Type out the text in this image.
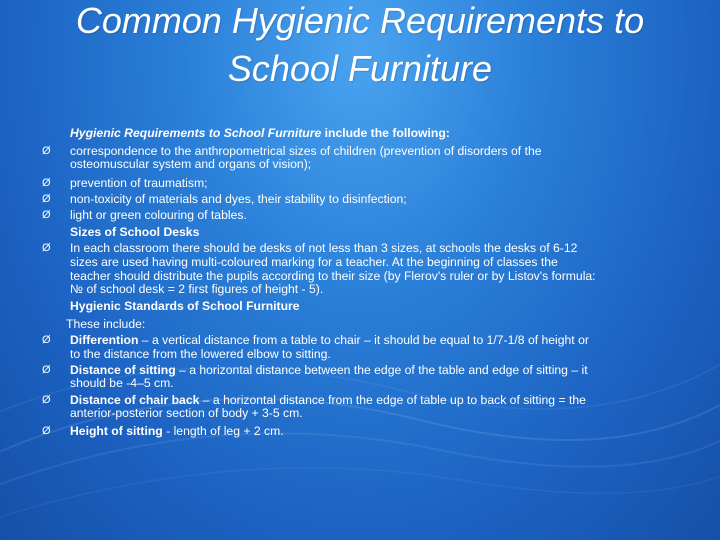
Common Hygienic Requirements to
School Furniture
Hygienic Requirements to School Furniture include the following:
Ø correspondence to the anthropometrical sizes of children (prevention of disorders of the
osteomuscular system and organs of vision);
Ø prevention of traumatism;
Ø non-toxicity of materials and dyes, their stability to disinfection;
Ø light or green colouring of tables.
Sizes of School Desks
Ø In each classroom there should be desks of not less than 3 sizes, at schools the desks of 6-12
sizes are used having multi-coloured marking for a teacher. At the beginning of classes the
teacher should distribute the pupils according to their size (by Flerov's ruler or by Listov's formula:
№ of school desk = 2 first figures of height - 5).
Hygienic Standards of School Furniture
These include:
Ø Differention – a vertical distance from a table to chair – it should be equal to 1/7-1/8 of height or
to the distance from the lowered elbow to sitting.
Ø Distance of sitting – a horizontal distance between the edge of the table and edge of sitting – it
should be -4–5 cm.
Ø Distance of chair back – a horizontal distance from the edge of table up to back of sitting = the
anterior-posterior section of body + 3-5 cm.
Ø Height of sitting - length of leg + 2 cm.
